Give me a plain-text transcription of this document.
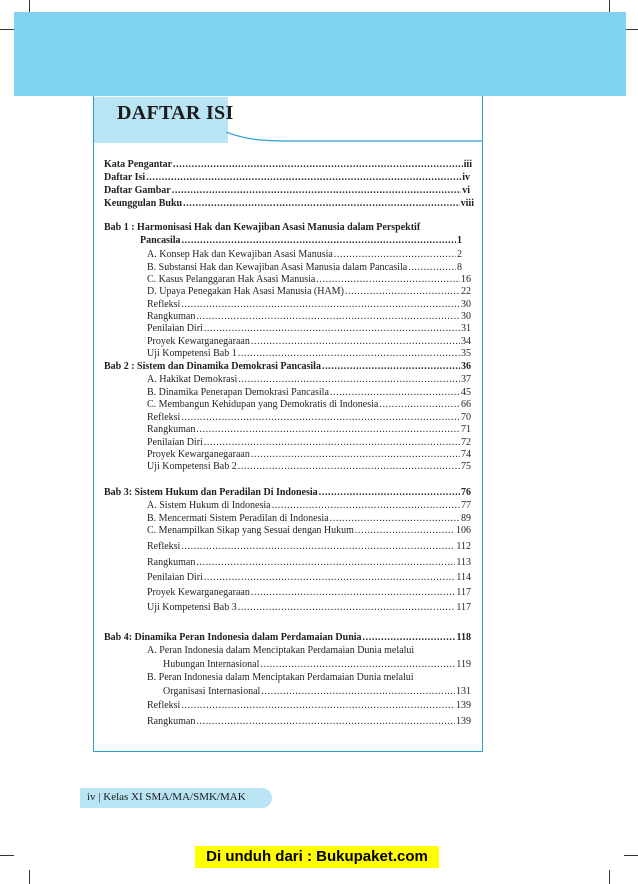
DAFTAR ISI
Kata Pengantar .....	iii
Daftar Isi .....	iv
Daftar Gambar .....	vi
Keunggulan Buku .....	viii
Bab 1 : Harmonisasi Hak dan Kewajiban Asasi Manusia dalam Perspektif
Pancasila .....	1
A. Konsep Hak dan Kewajiban Asasi Manusia .....	2
B. Substansi Hak dan Kewajiban Asasi Manusia dalam Pancasila .....	8
C. Kasus Pelanggaran Hak Asasi Manusia .....	16
D. Upaya Penegakan Hak Asasi Manusia (HAM) .....	22
Refleksi .....	30
Rangkuman .....	30
Penilaian Diri .....	31
Proyek Kewarganegaraan .....	34
Uji Kompetensi Bab 1 .....	35
Bab 2 : Sistem dan Dinamika Demokrasi Pancasila .....	36
A. Hakikat Demokrasi .....	37
B. Dinamika Penerapan Demokrasi Pancasila .....	45
C. Membangun Kehidupan yang Demokratis di Indonesia .....	66
Refleksi .....	70
Rangkuman .....	71
Penilaian Diri .....	72
Proyek Kewarganegaraan .....	74
Uji Kompetensi Bab 2 .....	75
Bab 3: Sistem Hukum dan Peradilan Di Indonesia .....	76
A. Sistem Hukum di Indonesia .....	77
B. Mencermati Sistem Peradilan di Indonesia .....	89
C. Menampilkan Sikap yang Sesuai dengan Hukum .....	106
Refleksi .....	112
Rangkuman .....	113
Penilaian Diri .....	114
Proyek Kewarganegaraan .....	117
Uji Kompetensi Bab 3 .....	117
Bab 4: Dinamika Peran Indonesia dalam Perdamaian Dunia .....	118
A. Peran Indonesia dalam Menciptakan Perdamaian Dunia melalui
Hubungan Internasional .....	119
B. Peran Indonesia dalam Menciptakan Perdamaian Dunia melalui
Organisasi Internasional .....	131
Refleksi .....	139
Rangkuman .....	139
iv | Kelas XI SMA/MA/SMK/MAK
Di unduh dari : Bukupaket.com
